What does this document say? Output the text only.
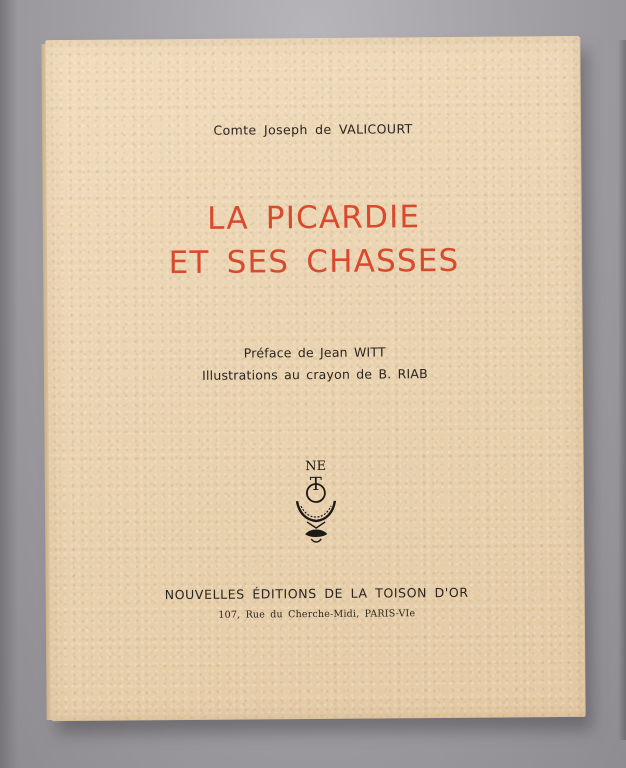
Comte Joseph de VALICOURT
LA PICARDIE
ET SES CHASSES
Préface de Jean WITT
Illustrations au crayon de B. RIAB
NE
T
NOUVELLES ÉDITIONS DE LA TOISON D'OR
107, Rue du Cherche-Midi, PARIS-VIe
